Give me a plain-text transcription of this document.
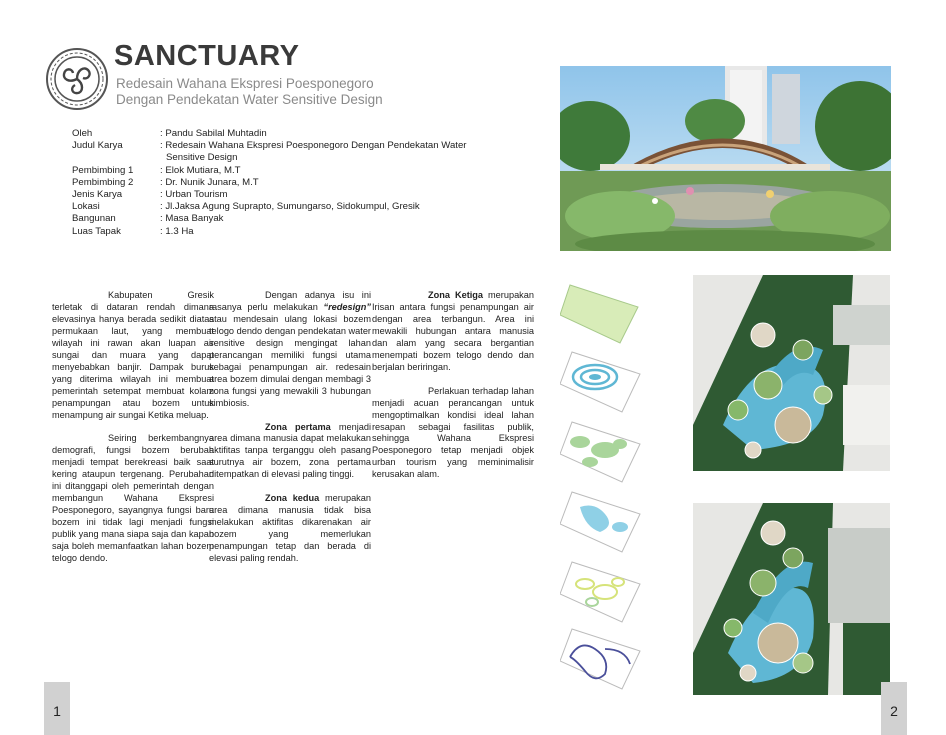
SANCTUARY
Redesain Wahana Ekspresi Poesponegoro
Dengan Pendekatan Water Sensitive Design
Oleh	: Pandu Sabilal Muhtadin
Judul Karya	: Redesain Wahana Ekspresi Poesponegoro Dengan Pendekatan Water
Sensitive Design
Pembimbing 1	: Elok Mutiara, M.T
Pembimbing 2	: Dr. Nunik Junara, M.T
Jenis Karya	: Urban Tourism
Lokasi	: Jl.Jaksa Agung Suprapto, Sumungarso, Sidokumpul, Gresik
Bangunan	: Masa Banyak
Luas Tapak	: 1.3 Ha

Kabupaten Gresik terletak di dataran rendah dimana elevasinya hanya berada sedikit diatas permukaan laut, yang membuat wilayah ini rawan akan luapan air sungai dan muara yang dapat menyebabkan banjir. Dampak buruk yang diterima wilayah ini membuat pemerintah setempat membuat kolam penampungan atau bozem untuk menampung air sungai Ketika meluap.

Seiring berkembangnya demografi, fungsi bozem berubah menjadi tempat berekreasi baik saat kering ataupun tergenang. Perubahan ini ditanggapi oleh pemerintah dengan membangun Wahana Ekspresi Poesponegoro, sayangnya fungsi baru bozem ini tidak lagi menjadi fungsi publik yang mana siapa saja dan kapan saja boleh memanfaatkan lahan bozem telogo dendo.

Dengan adanya isu ini rasanya perlu melakukan “redesign” atau mendesain ulang lokasi bozem telogo dendo dengan pendekatan water sensitive design mengingat lahan perancangan memiliki fungsi utama sebagai penampungan air. redesain area bozem dimulai dengan membagi 3 zona fungsi yang mewakili 3 hubungan simbiosis.

Zona pertama menjadi area dimana manusia dapat melakukan aktifitas tanpa terganggu oleh pasang surutnya air bozem, zona pertama ditempatkan di elevasi paling tinggi.

Zona kedua merupakan area dimana manusia tidak bisa melakukan aktifitas dikarenakan air bozem yang memerlukan penampungan tetap dan berada di elevasi paling rendah.

Zona Ketiga merupakan Irisan antara fungsi penampungan air dengan area terbangun. Area ini mewakili hubungan antara manusia dan alam yang secara bergantian menempati bozem telogo dendo dan berjalan beriringan.

Perlakuan terhadap lahan menjadi acuan perancangan untuk mengoptimalkan kondisi ideal lahan resapan sebagai fasilitas publik, sehingga Wahana Ekspresi Poesponegoro tetap menjadi objek urban tourism yang meminimalisir kerusakan alam.

1	2
